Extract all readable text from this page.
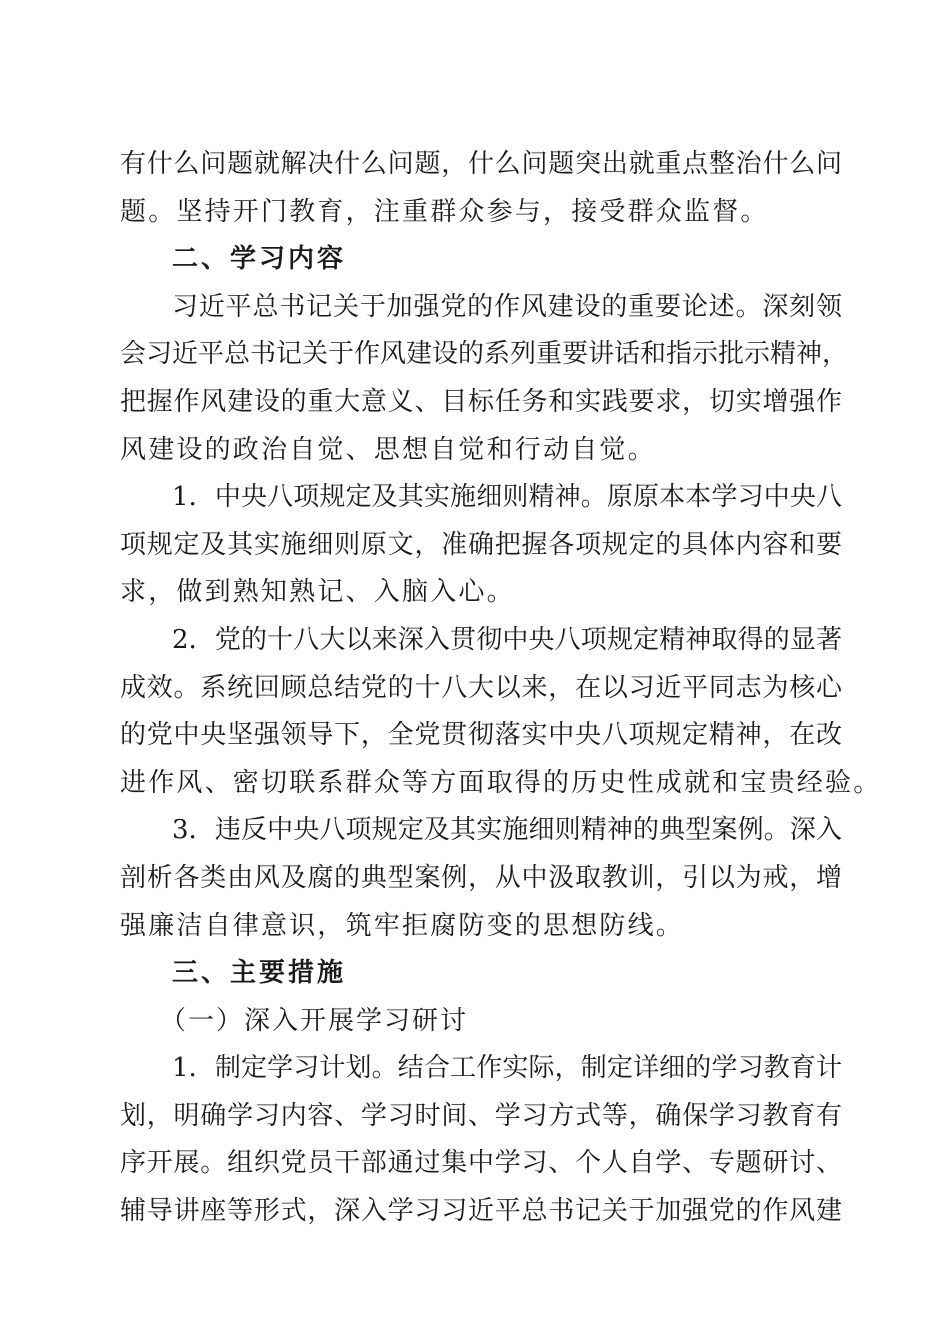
有什么问题就解决什么问题，什么问题突出就重点整治什么问
题。坚持开门教育，注重群众参与，接受群众监督。
二、学习内容
习近平总书记关于加强党的作风建设的重要论述。深刻领
会习近平总书记关于作风建设的系列重要讲话和指示批示精神，
把握作风建设的重大意义、目标任务和实践要求，切实增强作
风建设的政治自觉、思想自觉和行动自觉。
1．中央八项规定及其实施细则精神。原原本本学习中央八
项规定及其实施细则原文，准确把握各项规定的具体内容和要
求，做到熟知熟记、入脑入心。
2．党的十八大以来深入贯彻中央八项规定精神取得的显著
成效。系统回顾总结党的十八大以来，在以习近平同志为核心
的党中央坚强领导下，全党贯彻落实中央八项规定精神，在改
进作风、密切联系群众等方面取得的历史性成就和宝贵经验。
3．违反中央八项规定及其实施细则精神的典型案例。深入
剖析各类由风及腐的典型案例，从中汲取教训，引以为戒，增
强廉洁自律意识，筑牢拒腐防变的思想防线。
三、主要措施
（一）深入开展学习研讨
1．制定学习计划。结合工作实际，制定详细的学习教育计
划，明确学习内容、学习时间、学习方式等，确保学习教育有
序开展。组织党员干部通过集中学习、个人自学、专题研讨、
辅导讲座等形式，深入学习习近平总书记关于加强党的作风建
